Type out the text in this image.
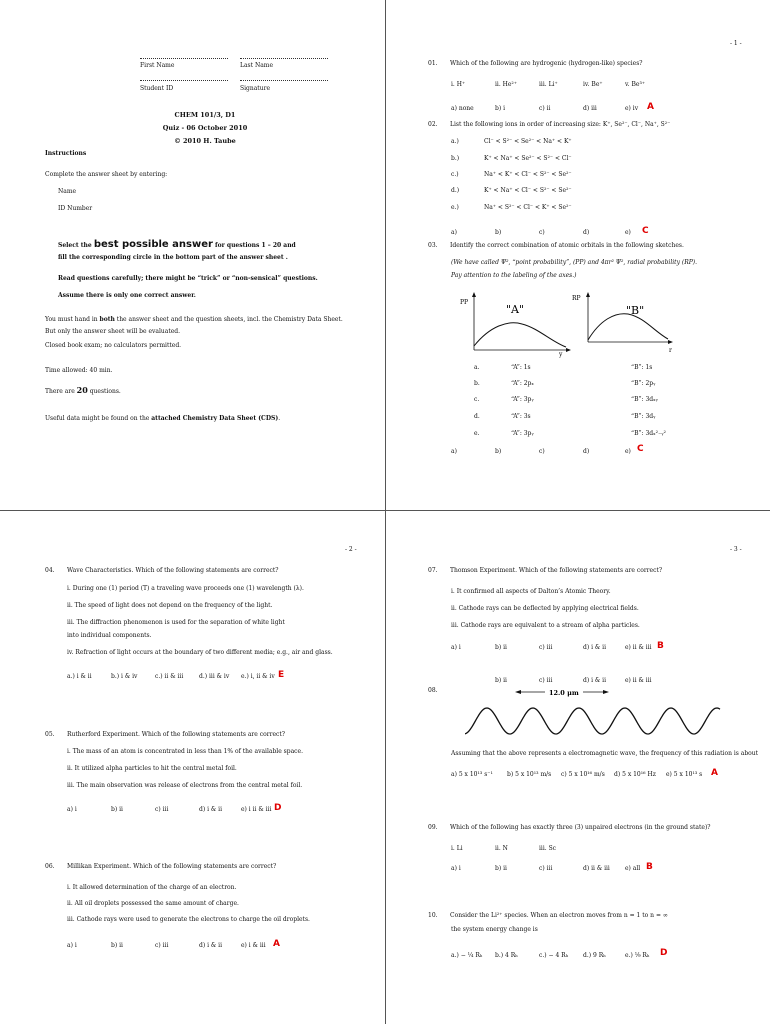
First Name	Last Name
Student ID	Signature
CHEM 101/3, D1
Quiz - 06 October 2010
© 2010 H. Taube
Instructions
Complete the answer sheet by entering:
Name
ID Number
Select the best possible answer for questions 1 – 20 and
fill the corresponding circle in the bottom part of the answer sheet .
Read questions carefully; there might be “trick” or “non-sensical” questions.
Assume there is only one correct answer.
You must hand in both the answer sheet and the question sheets, incl. the Chemistry Data Sheet.
But only the answer sheet will be evaluated.
Closed book exam; no calculators permitted.
Time allowed: 40 min.
There are 20 questions.
Useful data might be found on the attached Chemistry Data Sheet (CDS).
- 1 -
01. Which of the following are hydrogenic (hydrogen-like) species?
i. H⁺	ii. He²⁺	iii. Li⁺	iv. Be⁺	v. Be³⁺
a) none	b) i	c) ii	d) iii	e) iv A
02. List the following ions in order of increasing size: K⁺, Se²⁻, Cl⁻, Na⁺, S²⁻
a.)	Cl⁻ < S²⁻ < Se²⁻ < Na⁺ < K⁺
b.)	K⁺ < Na⁺ < Se²⁻ < S²⁻ < Cl⁻
c.)	Na⁺ < K⁺ < Cl⁻ < S²⁻ < Se²⁻
d.)	K⁺ < Na⁺ < Cl⁻ < S²⁻ < Se²⁻
e.)	Na⁺ < S²⁻ < Cl⁻ < K⁺ < Se²⁻
a)	b)	c)	d)	e) C
03. Identify the correct combination of atomic orbitals in the following sketches.
(We have called Ψ², “point probability”, (PP) and 4πr² Ψ², radial probability (RP).
Pay attention to the labeling of the axes.)
PP
"A"
y
RP
"B"
r
a.	“A”: 1s	“B”: 1s
b.	“A”: 2pₓ	“B”: 2pᵧ
c.	“A”: 3pᵧ	“B”: 3dₓᵧ
d.	“A”: 3s	“B”: 3dᵧ
e.	“A”: 3pᵧ	“B”: 3dₓ²₋ᵧ²
a)	b)	c)	d)	e) C
- 2 -
04. Wave Characteristics. Which of the following statements are correct?
i. During one (1) period (T) a traveling wave proceeds one (1) wavelength (λ).
ii. The speed of light does not depend on the frequency of the light.
iii. The diffraction phenomenon is used for the separation of white light
into individual components.
iv. Refraction of light occurs at the boundary of two different media; e.g., air and glass.
a.) i & ii	b.) i & iv	c.) ii & iii	d.) iii & iv e.) i, ii & iv E
05. Rutherford Experiment. Which of the following statements are correct?
i. The mass of an atom is concentrated in less than 1% of the available space.
ii. It utilized alpha particles to hit the central metal foil.
iii. The main observation was release of electrons from the central metal foil.
a) i	b) ii	c) iii	d) i & ii	e) i ii & iii D
06. Millikan Experiment. Which of the following statements are correct?
i. It allowed determination of the charge of an electron.
ii. All oil droplets possessed the same amount of charge.
iii. Cathode rays were used to generate the electrons to charge the oil droplets.
a) i	b) ii	c) iii	d) i & ii	e) i & iii A
- 3 -
07. Thomson Experiment. Which of the following statements are correct?
i. It confirmed all aspects of Dalton’s Atomic Theory.
ii. Cathode rays can be deflected by applying electrical fields.
iii. Cathode rays are equivalent to a stream of alpha particles.
a) i	b) ii	c) iii	d) i & ii	e) ii & iii B
b) ii	c) iii	d) i & ii	e) ii & iii
08.	12.0 μm
Assuming that the above represents a electromagnetic wave, the frequency of this radiation is about
a) 5 x 10¹³ s⁻¹ b) 5 x 10¹³ m/s c) 5 x 10¹⁶ m/s d) 5 x 10¹⁶ Hz e) 5 x 10¹³ s A
09. Which of the following has exactly three (3) unpaired electrons (in the ground state)?
i. Li	ii. N	iii. Sc
a) i	b) ii	c) iii	d) ii & iii	e) all B
10. Consider the Li²⁺ species. When an electron moves from n = 1 to n = ∞
the system energy change is
a.) − ¼ Rₕ b.) 4 Rₕ	c.) − 4 Rₕ d.) 9 Rₕ	e.) ⅑ Rₕ D
